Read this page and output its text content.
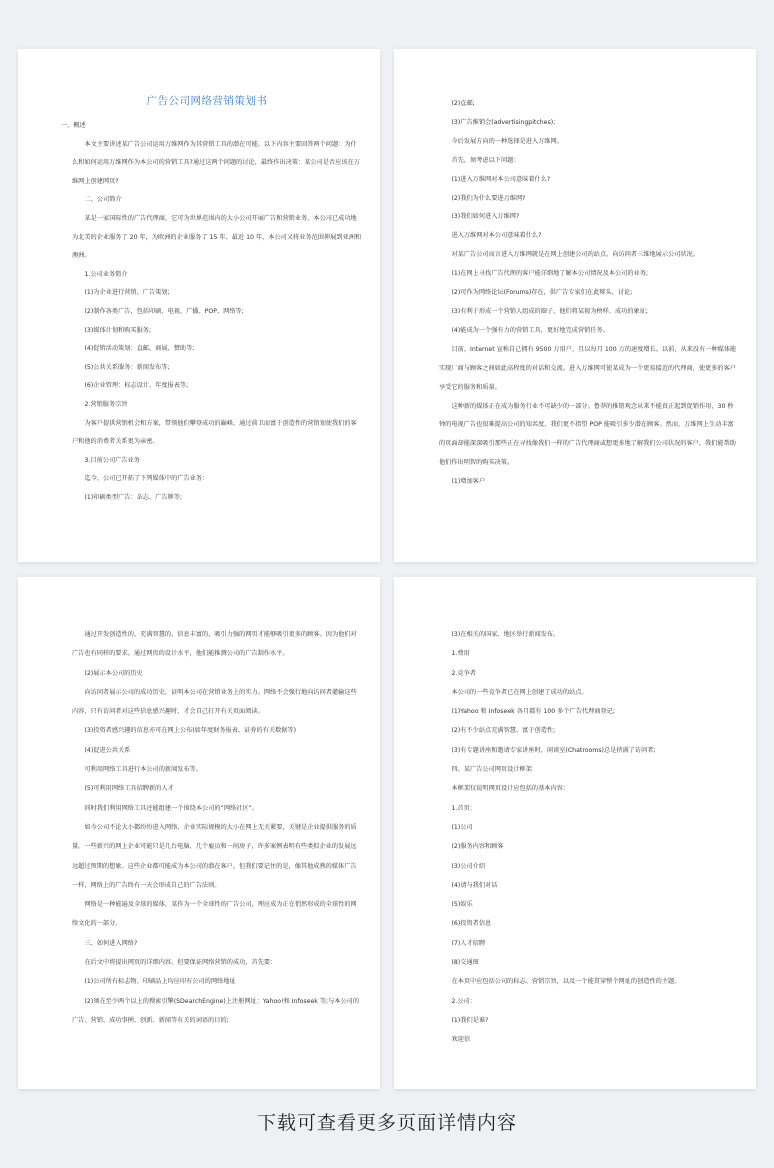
广告公司网络营销策划书

一、概述

本文主要讲述某广告公司运用万维网作为其营销工具的潜在可能。以下内容主要回答两个问题：为什么和如何运用万维网作为本公司的营销工具?通过这两个问题的讨论，最终作出决策：某公司是否应该在万维网上创建网页?

二、公司简介

某是一家国际性的广告代理商，它可为世界范围内的大小公司开展广告和营销业务。本公司已成功地为北美的企业服务了 20 年，为欧洲的企业服务了 15 年。最近 10 年，本公司又将业务范围伸展到亚洲和澳洲。

1.公司业务简介

(1)为企业进行营销、广告策划;

(2)制作各类广告，包括印刷、电视、广播、POP、网络等;

(3)媒体计划和购买服务;

(4)促销活动策划：直邮、商展、赞助等;

(5)公共关系服务：新闻发布等;

(6)企业管理：标志设计、年度报表等;

2.营销服务宗旨

为客户提供营销机会和方案，带领他们攀登成功的巅峰，通过前卫而富于创造性的营销划使我们的客户和他的消费者关系更为亲密。

3.目前公司广告业务

迄今，公司已开拓了下列媒体中的广告业务：

(1)印刷类型广告：杂志、广告牌等;

(2)直邮;

(3)广告推销会(advertisingpitches);

今后发展方向的一种选择是进入万维网。

首先，须考虑以下问题：

(1)进入万维网对本公司意味着什么?

(2)我们为什么要进万维网?

(3)我们如何进入万维网?

进入万维网对本公司意味着什么?

对某广告公司而言进入万维网就是在网上创建公司的站点，向访问者三维地展示公司状况。

(1)在网上寻找广告代理的客户能详细地了解本公司情况及本公司的业务;

(2)可作为网络论坛(Forums)存在，供广告专家们在此辩头、讨论;

(3)有利于形成一个营销人组成的圈子，他们将某视为榜样、成功的象征;

(4)能成为一个强有力的营销工具，更好地完成营销任务。

目前，Internet 宣称自己拥有 9500 万用户，且以每月 100 万的速度增长。以前，从来没有一种媒体能实现厂商与顾客之间如此高程度的对话和交流。进入万维网可使某成为一个更易接近的代理商，使更多的客户享受它的服务和质量。

这种新的媒体正在成为服务行业不可缺少的一部分。鲁莽的推销观念从来不能真正起到促销作用，30 秒钟的电视广告也很难提高公司的知名度，我们更不指望 POP 能吸引多少潜在顾客。然而，万维网上生动丰富的页面却能深深吸引那些正在寻找像我们一样的广告代理商或想更多地了解我们公司状况的客户，我们能帮助他们作出明智的购买决策。

(1)增加客户

通过开发创造性的、充满智慧的、信息丰富的、吸引力强的网页才能够吸引更多的顾客。因为他们对广告也有同样的要求。通过网页的设计水平，他们能推测公司的广告制作水平。

(2)展示本公司的历史

向访问者展示公司的成功历史，证明本公司在营销业务上的实力。网络不会强行地向访问者灌输这些内容，只有访问者对这些信息感兴趣时，才会自己打开有关页面阅读。

(3)投资者感兴趣的信息亦可在网上公布(如年度财务报表、证券的有关数据等)

(4)促进公共关系

可利用网络工具进行本公司的新闻发布等。

(5)可利用网络工具招聘新的人才

同时我们利用网络工具还能组建一个围绕本公司的“网络社区”。

如今公司不论大小都纷纷进入网络，企业实际规模的大小在网上无关紧要，关键是企业提供服务的质量。一些新兴的网上企业可能只是几台电脑、几个雇员和一间房子，许多案例表明有些类似企业的发展远远超过预期的想象。这些企业都可能成为本公司的潜在客户。但我们要记住的是，像其他成熟的媒体广告一样，网络上的广告终有一天会形成自己的广告法则。

网络是一种能遍及全球的媒体，某作为一个全球性的广告公司，理应成为正在悄然形成的全球性的网络文化的一部分。

三、如何进入网络?

在后文中将提出网页的详细内容。但要保证网络营销的成功，首先要：

(1)公司所有标志物、印刷品上均应印有公司的网络地址

(2)须在至少两个以上的搜索引擎(SDearchEngine)上注册网址：Yahoo!和 Infoseek 等;与本公司的广告、营销、成功事例、创新、新闻等有关的词语的目的;

(3)在相关的国家、地区举行新闻发布。

1.费用

2.竞争者

本公司的一些竞争者已在网上创建了成功的站点。

(1)Yahoo 和 Infoseek 各月都有 100 多个广告代理商登记;

(2)有不少站点充满智慧、富于创造性;

(3)有专题讲座和邀请专家讲座时，闲谈室(Chatrooms)总是挤满了访问者;

四、某广告公司网页设计框架

本框架仅说明网页设计应包括的基本内容：

1.首页：

(1)公司

(2)服务内容和顾客

(3)公司介绍

(4)请与我们对话

(5)娱乐

(6)投资者信息

(7)人才招聘

(8)交通图

在本页中应包括公司的标志、营销宗旨，以及一个能贯穿整个网址的创造性的主题。

2.公司：

(1)我们是谁?

欢迎信

下载可查看更多页面详情内容
